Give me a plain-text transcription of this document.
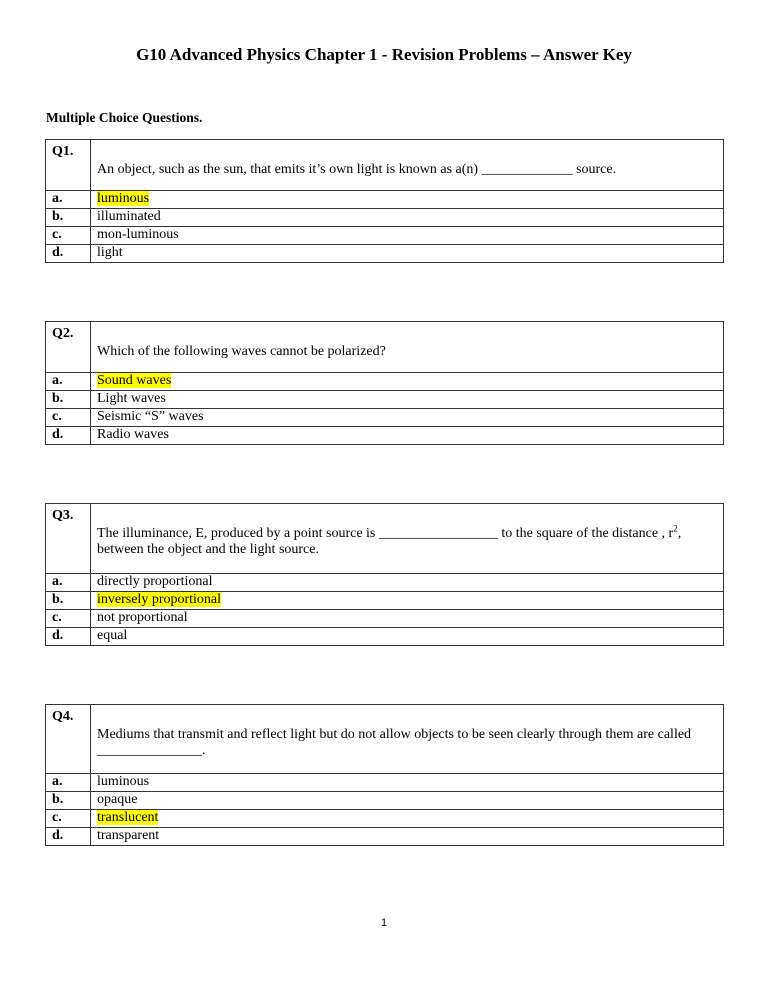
G10 Advanced Physics Chapter 1 - Revision Problems – Answer Key
Multiple Choice Questions.
Q1.	An object, such as the sun, that emits it’s own light is known as a(n) _____________ source.
a.	luminous
b.	illuminated
c.	mon-luminous
d.	light
Q2.	Which of the following waves cannot be polarized?
a.	Sound waves
b.	Light waves
c.	Seismic “S” waves
d.	Radio waves
Q3.	The illuminance, E, produced by a point source is _________________ to the square of the distance , $r^2$, between the object and the light source.
a.	directly proportional
b.	inversely proportional
c.	not proportional
d.	equal
Q4.	Mediums that transmit and reflect light but do not allow objects to be seen clearly through them are called _______________.
a.	luminous
b.	opaque
c.	translucent
d.	transparent
1
